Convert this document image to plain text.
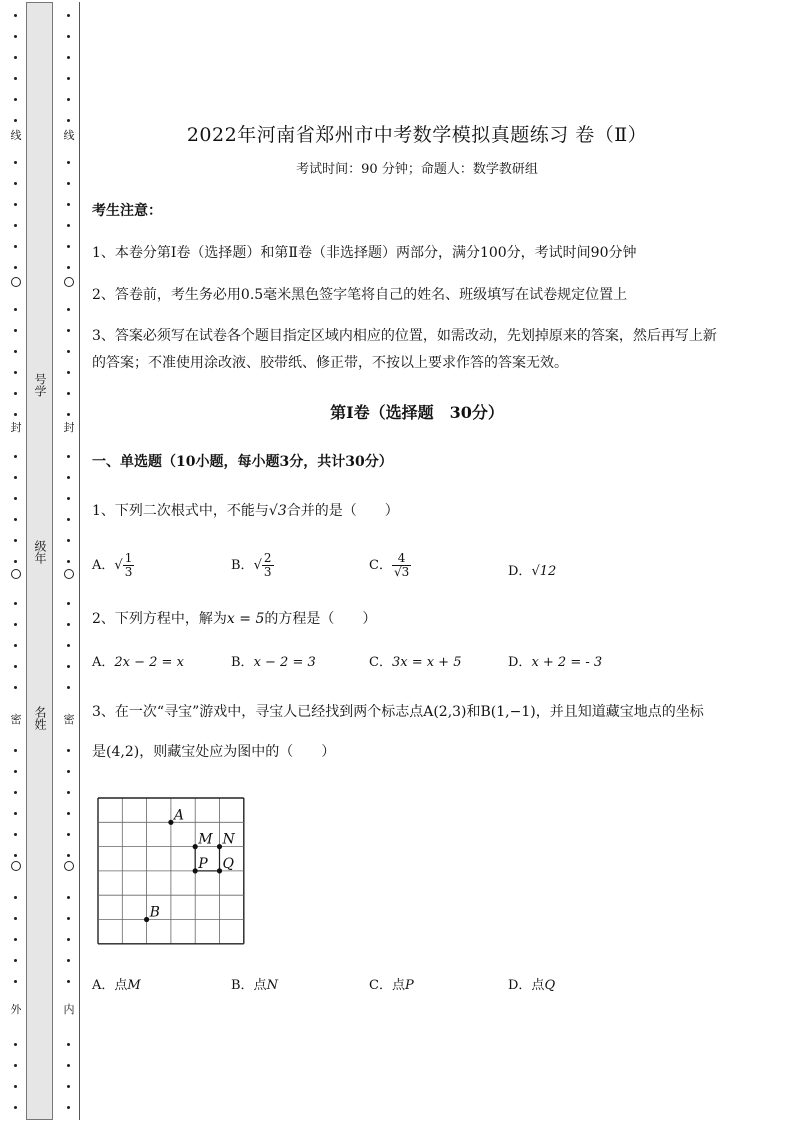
线
封
密
外
号学
级年
名姓
线
封
密
内
2022年河南省郑州市中考数学模拟真题练习 卷（Ⅱ）
考试时间：90 分钟；命题人：数学教研组
考生注意：
1、本卷分第Ⅰ卷（选择题）和第Ⅱ卷（非选择题）两部分，满分100分，考试时间90分钟
2、答卷前，考生务必用0.5毫米黑色签字笔将自己的姓名、班级填写在试卷规定位置上
3、答案必须写在试卷各个题目指定区域内相应的位置，如需改动，先划掉原来的答案，然后再写上新
的答案；不准使用涂改液、胶带纸、修正带，不按以上要求作答的答案无效。
第Ⅰ卷（选择题　30分）
一、单选题（10小题，每小题3分，共计30分）
1、下列二次根式中，不能与√3合并的是（　　）
A．√ $\frac{1}{3}$	B．√ $\frac{2}{3}$	C． $\frac{4}{√3}$	D．√12
2、下列方程中，解为x = 5的方程是（　　）
A．2x − 2 = x	B．x − 2 = 3	C．3x = x + 5	D．x + 2 = - 3
3、在一次“寻宝”游戏中，寻宝人已经找到两个标志点A(2,3)和B(1,−1)，并且知道藏宝地点的坐标
是(4,2)，则藏宝处应为图中的（　　）
A．点M	B．点N	C．点P	D．点Q
A
M N
P Q
B
